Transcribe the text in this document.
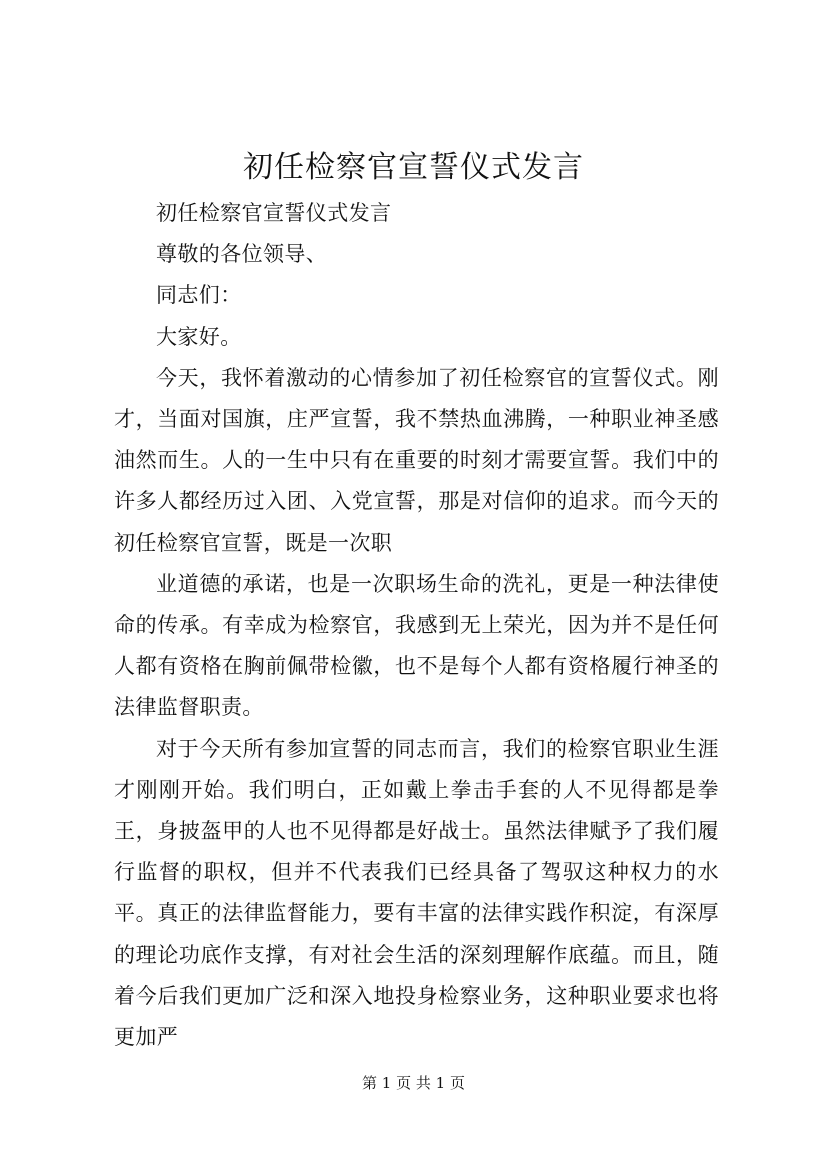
初任检察官宣誓仪式发言

初任检察官宣誓仪式发言

尊敬的各位领导、

同志们：

大家好。

今天，我怀着激动的心情参加了初任检察官的宣誓仪式。刚才，当面对国旗，庄严宣誓，我不禁热血沸腾，一种职业神圣感油然而生。人的一生中只有在重要的时刻才需要宣誓。我们中的许多人都经历过入团、入党宣誓，那是对信仰的追求。而今天的初任检察官宣誓，既是一次职

业道德的承诺，也是一次职场生命的洗礼，更是一种法律使命的传承。有幸成为检察官，我感到无上荣光，因为并不是任何人都有资格在胸前佩带检徽，也不是每个人都有资格履行神圣的法律监督职责。

对于今天所有参加宣誓的同志而言，我们的检察官职业生涯才刚刚开始。我们明白，正如戴上拳击手套的人不见得都是拳王，身披盔甲的人也不见得都是好战士。虽然法律赋予了我们履行监督的职权，但并不代表我们已经具备了驾驭这种权力的水平。真正的法律监督能力，要有丰富的法律实践作积淀，有深厚的理论功底作支撑，有对社会生活的深刻理解作底蕴。而且，随着今后我们更加广泛和深入地投身检察业务，这种职业要求也将更加严

第 1 页 共 1 页
